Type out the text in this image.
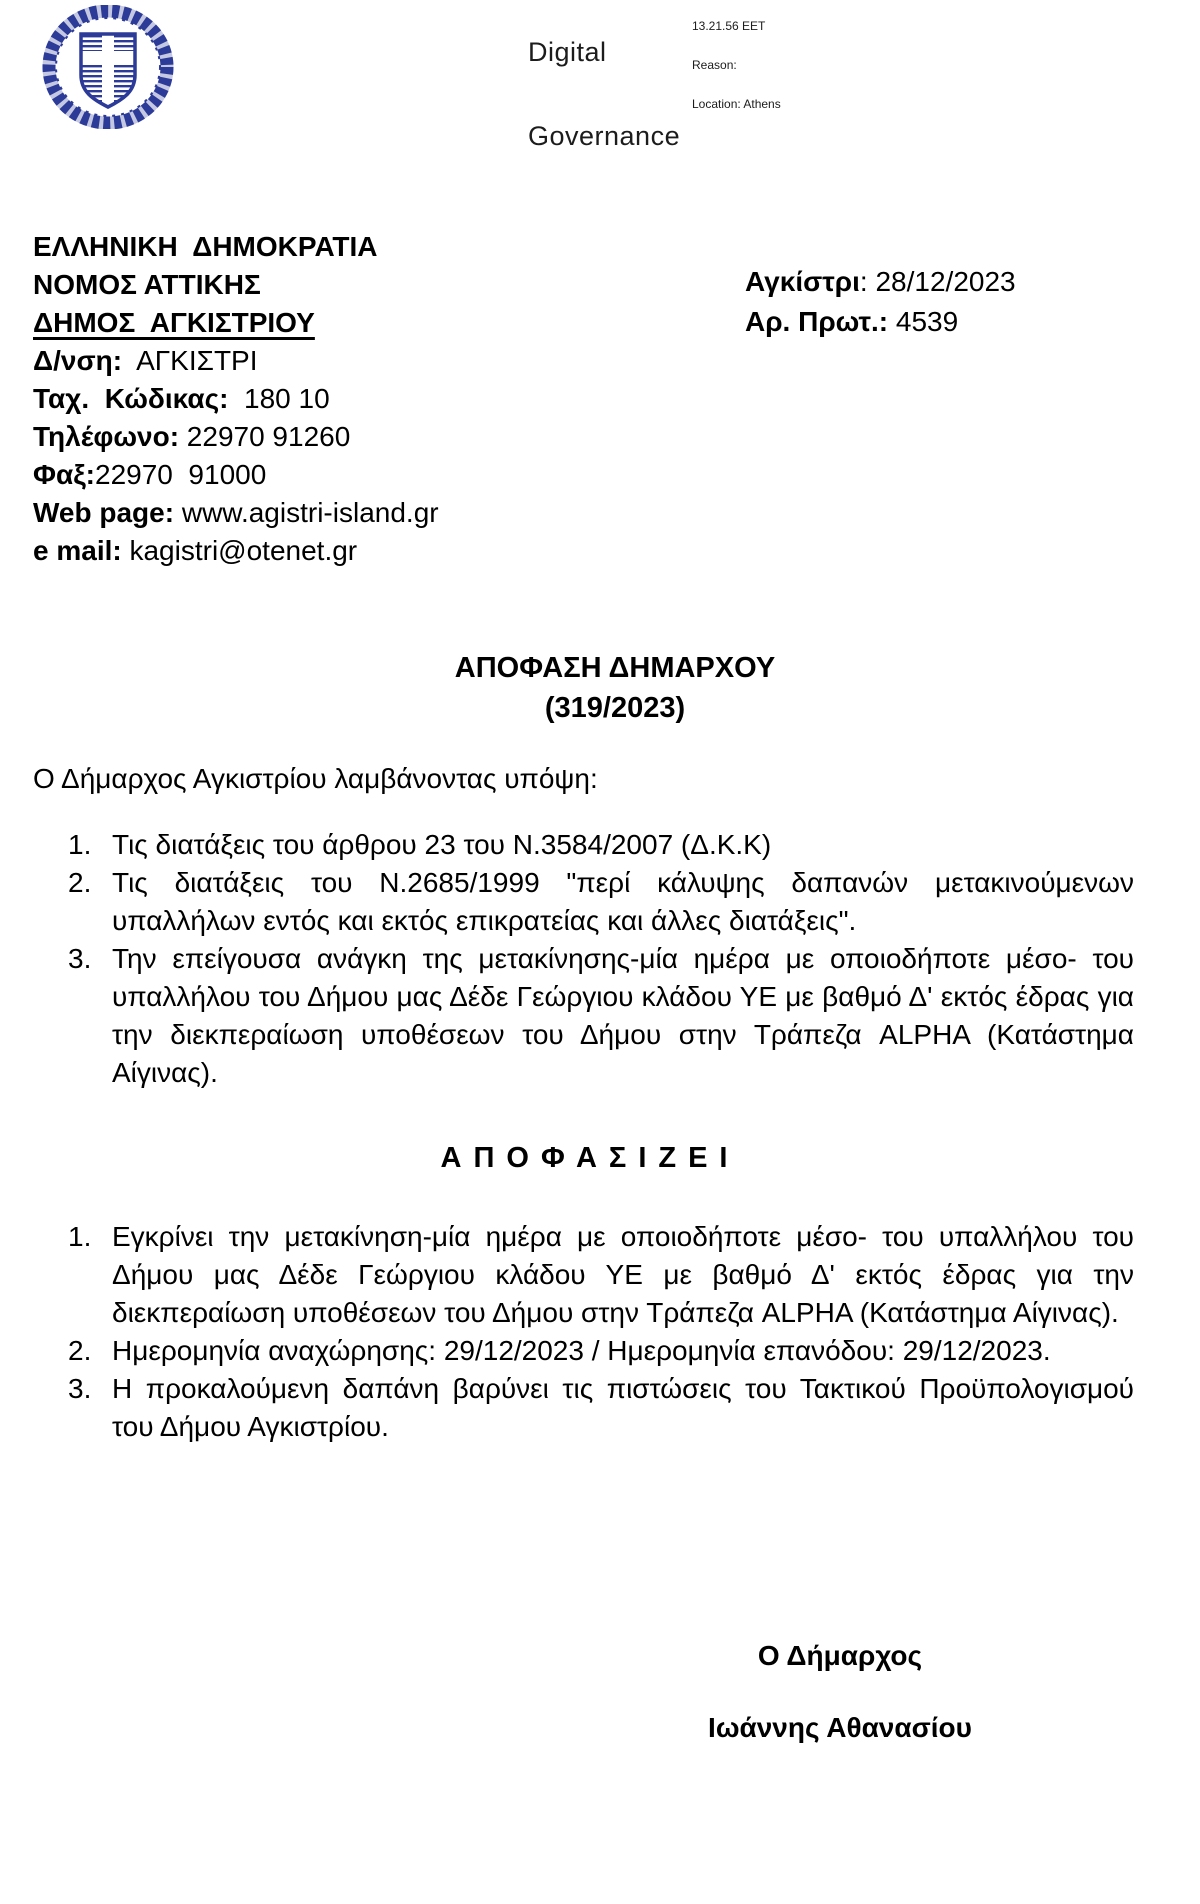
Digital

Governance

13.21.56 EET

Reason:

Location: Athens

ΕΛΛΗΝΙΚΗ  ΔΗΜΟΚΡΑΤΙΑ
ΝΟΜΟΣ ΑΤΤΙΚΗΣ
ΔΗΜΟΣ  ΑΓΚΙΣΤΡΙΟΥ
Δ/νση:  ΑΓΚΙΣΤΡΙ
Ταχ.  Κώδικας:  180 10
Τηλέφωνο: 22970 91260
Φαξ:22970  91000
Web page: www.agistri-island.gr
e mail: kagistri@otenet.gr
Αγκίστρι: 28/12/2023
Αρ. Πρωτ.: 4539
ΑΠΟΦΑΣΗ ΔΗΜΑΡΧΟΥ
(319/2023)
Ο Δήμαρχος Αγκιστρίου λαμβάνοντας υπόψη:
1. Τις διατάξεις του άρθρου 23 του Ν.3584/2007 (Δ.Κ.Κ)
2. Τις διατάξεις του Ν.2685/1999 "περί κάλυψης δαπανών μετακινούμενων υπαλλήλων εντός και εκτός επικρατείας και άλλες διατάξεις".
3. Την επείγουσα ανάγκη της μετακίνησης-μία ημέρα με οποιοδήποτε μέσο- του υπαλλήλου του Δήμου μας Δέδε Γεώργιου κλάδου ΥΕ με βαθμό Δ' εκτός έδρας για την διεκπεραίωση υποθέσεων του Δήμου στην Τράπεζα ALPHA (Κατάστημα Αίγινας).
ΑΠΟΦΑΣΙΖΕΙ
1. Εγκρίνει την μετακίνηση-μία ημέρα με οποιοδήποτε μέσο- του υπαλλήλου του Δήμου μας Δέδε Γεώργιου κλάδου ΥΕ με βαθμό Δ' εκτός έδρας για την διεκπεραίωση υποθέσεων του Δήμου στην Τράπεζα ALPHA (Κατάστημα Αίγινας).
2. Ημερομηνία αναχώρησης: 29/12/2023 / Ημερομηνία επανόδου: 29/12/2023.
3. Η προκαλούμενη δαπάνη βαρύνει τις πιστώσεις του Τακτικού Προϋπολογισμού του Δήμου Αγκιστρίου.
Ο Δήμαρχος
Ιωάννης Αθανασίου
